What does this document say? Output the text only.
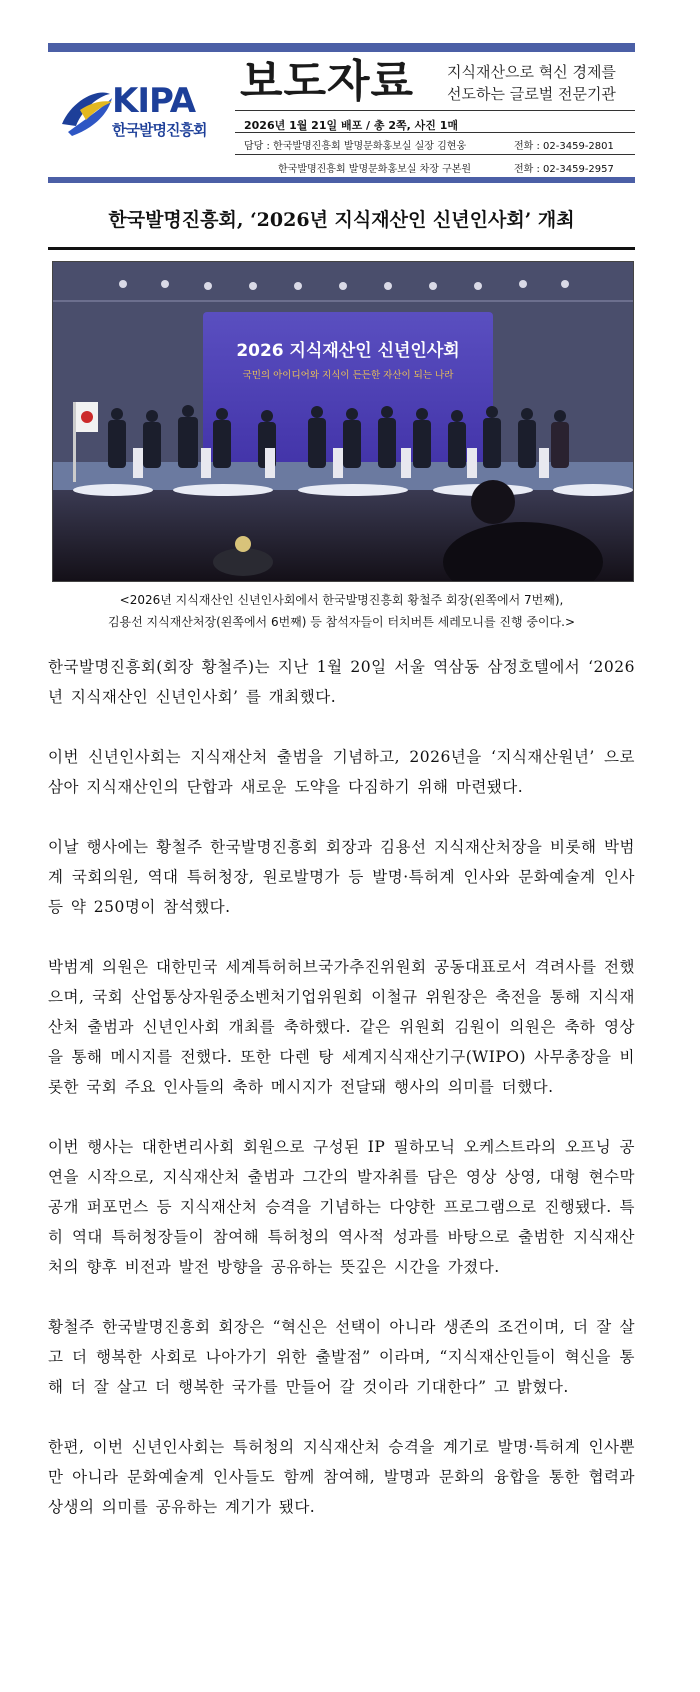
KIPA
한국발명진흥회
보도자료 지식재산으로 혁신 경제를
선도하는 글로벌 전문기관
2026년 1월 21일 배포 / 총 2쪽, 사진 1매
담당 : 한국발명진흥회 발명문화홍보실 실장 김현웅	전화 : 02-3459-2801
한국발명진흥회 발명문화홍보실 차장 구본원	전화 : 02-3459-2957
한국발명진흥회, ‘2026년 지식재산인 신년인사회’ 개최
2026 지식재산인 신년인사회
국민의 아이디어와 지식이 든든한 자산이 되는 나라
<2026년 지식재산인 신년인사회에서 한국발명진흥회 황철주 회장(왼쪽에서 7번째),
김용선 지식재산처장(왼쪽에서 6번째) 등 참석자들이 터치버튼 세레모니를 진행 중이다.>

한국발명진흥회(회장 황철주)는 지난 1월 20일 서울 역삼동 삼정호텔에서 ‘2026년 지식재산인 신년인사회’ 를 개최했다.

이번 신년인사회는 지식재산처 출범을 기념하고, 2026년을 ‘지식재산원년’ 으로 삼아 지식재산인의 단합과 새로운 도약을 다짐하기 위해 마련됐다.

이날 행사에는 황철주 한국발명진흥회 회장과 김용선 지식재산처장을 비롯해 박범계 국회의원, 역대 특허청장, 원로발명가 등 발명·특허계 인사와 문화예술계 인사 등 약 250명이 참석했다.

박범계 의원은 대한민국 세계특허허브국가추진위원회 공동대표로서 격려사를 전했으며, 국회 산업통상자원중소벤처기업위원회 이철규 위원장은 축전을 통해 지식재산처 출범과 신년인사회 개최를 축하했다. 같은 위원회 김원이 의원은 축하 영상을 통해 메시지를 전했다. 또한 다렌 탕 세계지식재산기구(WIPO) 사무총장을 비롯한 국회 주요 인사들의 축하 메시지가 전달돼 행사의 의미를 더했다.

이번 행사는 대한변리사회 회원으로 구성된 IP 필하모닉 오케스트라의 오프닝 공연을 시작으로, 지식재산처 출범과 그간의 발자취를 담은 영상 상영, 대형 현수막 공개 퍼포먼스 등 지식재산처 승격을 기념하는 다양한 프로그램으로 진행됐다. 특히 역대 특허청장들이 참여해 특허청의 역사적 성과를 바탕으로 출범한 지식재산처의 향후 비전과 발전 방향을 공유하는 뜻깊은 시간을 가졌다.

황철주 한국발명진흥회 회장은 “혁신은 선택이 아니라 생존의 조건이며, 더 잘 살고 더 행복한 사회로 나아가기 위한 출발점” 이라며, “지식재산인들이 혁신을 통해 더 잘 살고 더 행복한 국가를 만들어 갈 것이라 기대한다” 고 밝혔다.

한편, 이번 신년인사회는 특허청의 지식재산처 승격을 계기로 발명·특허계 인사뿐만 아니라 문화예술계 인사들도 함께 참여해, 발명과 문화의 융합을 통한 협력과 상생의 의미를 공유하는 계기가 됐다.
